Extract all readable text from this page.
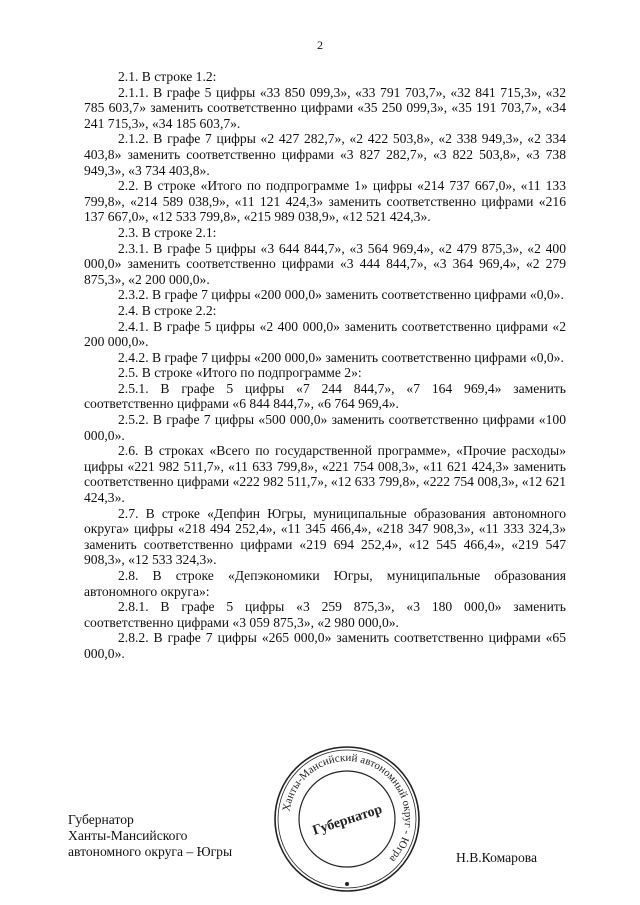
2

2.1. В строке 1.2:

2.1.1. В графе 5 цифры «33 850 099,3», «33 791 703,7», «32 841 715,3», «32 785 603,7» заменить соответственно цифрами «35 250 099,3», «35 191 703,7», «34 241 715,3», «34 185 603,7».

2.1.2. В графе 7 цифры «2 427 282,7», «2 422 503,8», «2 338 949,3», «2 334 403,8» заменить соответственно цифрами «3 827 282,7», «3 822 503,8», «3 738 949,3», «3 734 403,8».

2.2. В строке «Итого по подпрограмме 1» цифры «214 737 667,0», «11 133 799,8», «214 589 038,9», «11 121 424,3» заменить соответственно цифрами «216 137 667,0», «12 533 799,8», «215 989 038,9», «12 521 424,3».

2.3. В строке 2.1:

2.3.1. В графе 5 цифры «3 644 844,7», «3 564 969,4», «2 479 875,3», «2 400 000,0» заменить соответственно цифрами «3 444 844,7», «3 364 969,4», «2 279 875,3», «2 200 000,0».

2.3.2. В графе 7 цифры «200 000,0» заменить соответственно цифрами «0,0».

2.4. В строке 2.2:

2.4.1. В графе 5 цифры «2 400 000,0» заменить соответственно цифрами «2 200 000,0».

2.4.2. В графе 7 цифры «200 000,0» заменить соответственно цифрами «0,0».

2.5. В строке «Итого по подпрограмме 2»:

2.5.1. В графе 5 цифры «7 244 844,7», «7 164 969,4» заменить соответственно цифрами «6 844 844,7», «6 764 969,4».

2.5.2. В графе 7 цифры «500 000,0» заменить соответственно цифрами «100 000,0».

2.6. В строках «Всего по государственной программе», «Прочие расходы» цифры «221 982 511,7», «11 633 799,8», «221 754 008,3», «11 621 424,3» заменить соответственно цифрами «222 982 511,7», «12 633 799,8», «222 754 008,3», «12 621 424,3».

2.7. В строке «Депфин Югры, муниципальные образования автономного округа» цифры «218 494 252,4», «11 345 466,4», «218 347 908,3», «11 333 324,3» заменить соответственно цифрами «219 694 252,4», «12 545 466,4», «219 547 908,3», «12 533 324,3».

2.8. В строке «Депэкономики Югры, муниципальные образования автономного округа»:

2.8.1. В графе 5 цифры «3 259 875,3», «3 180 000,0» заменить соответственно цифрами «3 059 875,3», «2 980 000,0».

2.8.2. В графе 7 цифры «265 000,0» заменить соответственно цифрами «65 000,0».

Губернатор
Ханты-Мансийского
автономного округа – Югры
Ханты-Мансийский автономный округ - Югра
Губернатор
Н.В.Комарова
